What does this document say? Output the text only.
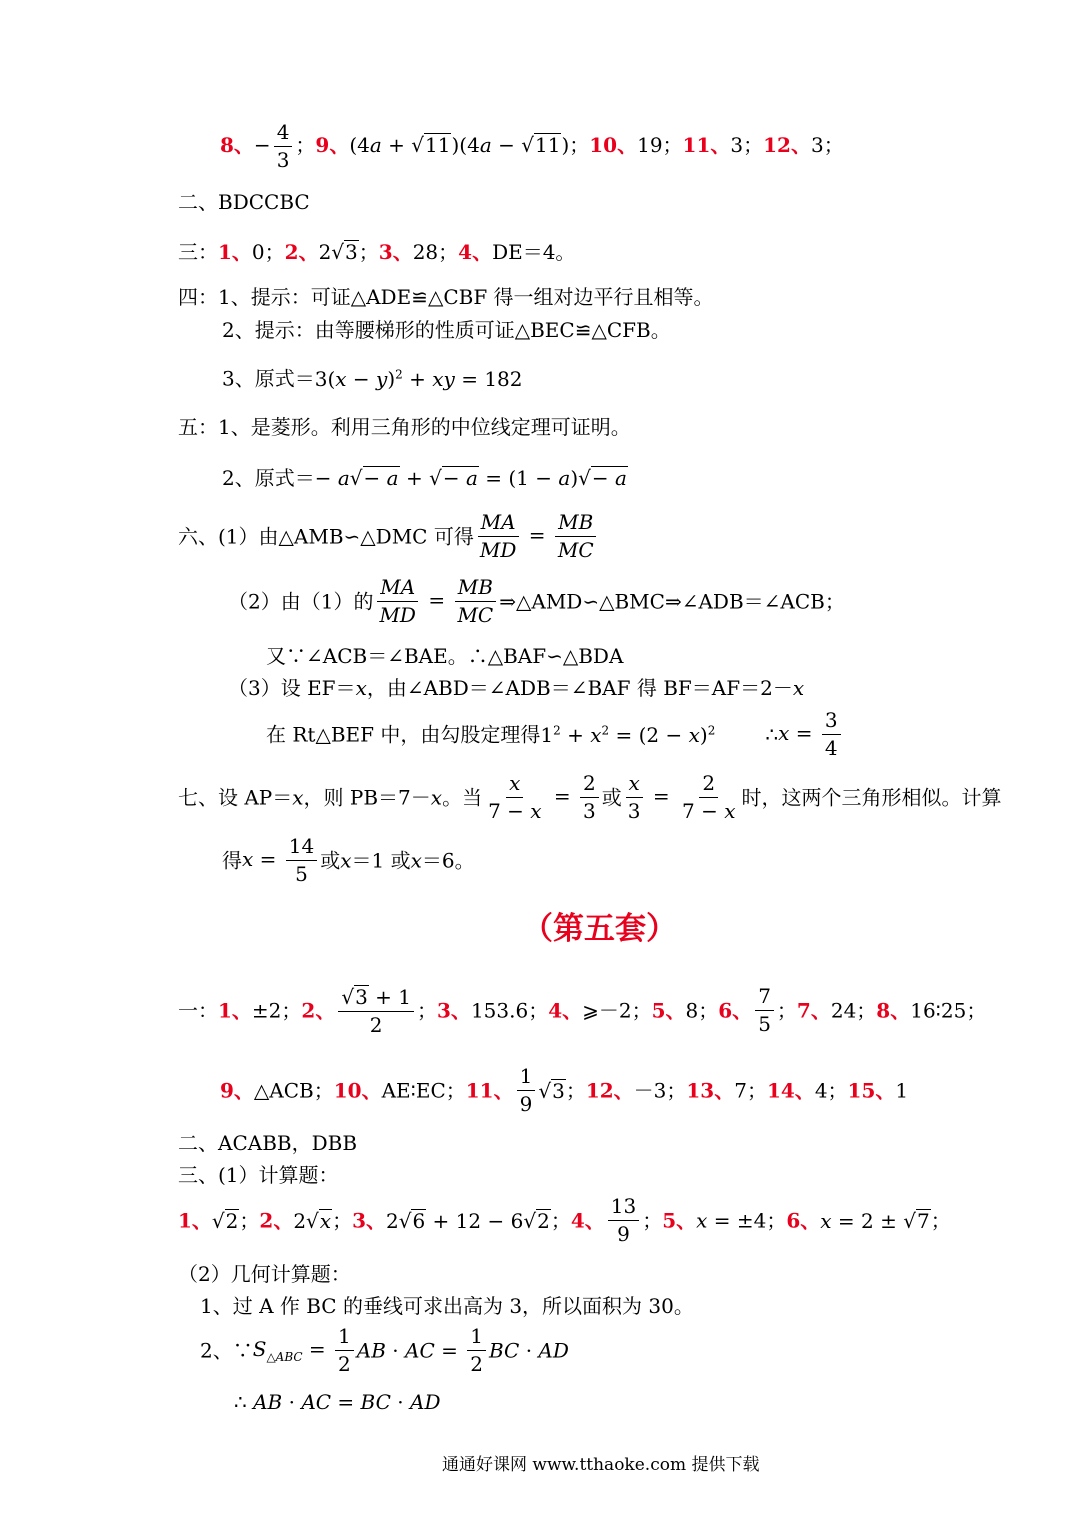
8、− $\frac{4}{3}$ ；9、(4a + √11)(4a − √11)；10、19；11、3；12、3；
二、BDCCBC
三：1、0；2、2√3；3、28；4、DE＝4。
四：1、提示：可证△ADE≌△CBF 得一组对边平行且相等。
2、提示：由等腰梯形的性质可证△BEC≌△CFB。
3、原式$=3(x - y)^2$ + xy = 182
五：1、是菱形。利用三角形的中位线定理可证明。
2、原式＝− a√− a + √− a = (1 − a)√− a
六、(1）由△AMB∽△DMC 可得 $\frac{MA}{MD} = \frac{MB}{MC}$
（2）由（1）的 $\frac{MA}{MD} = \frac{MB}{MC}$ ⇒△AMD∽△BMC⇒∠ADB＝∠ACB；
又∵∠ACB＝∠BAE。∴△BAF∽△BDA
（3）设 EF＝x，由∠ABD＝∠ADB＝∠BAF 得 BF＝AF＝2－x
在 Rt△BEF 中，由勾股定理得$1^2 + x^2 = (2 - x)^2$	∴x = $\frac{3}{4}$
七、设 AP＝x，则 PB＝7－x。当 $\frac{x}{7 - x} = \frac{2}{3}$ 或 $\frac{x}{3} = \frac{2}{7 - x}$ 时，这两个三角形相似。计算
得$x = \frac{14}{5}$ 或x＝1 或x＝6。
（第五套）
一：1、±2；2、 $\frac{√3 + 1}{2}$ ；3、153.6；4、⩾－2；5、8；6、 $\frac{7}{5}$ ；7、24；8、16∶25；
9、△ACB；10、AE∶EC；11、 $\frac{1}{9} √3$；12、－3；13、7；14、4；15、1
二、ACABB，DBB
三、(1）计算题：
1、√2；2、2√x；3、2√6 + 12 − 6√2；4、 $\frac{13}{9}$ ；5、x = ±4；6、x = 2 ± √7；
（2）几何计算题：
1、过 A 作 BC 的垂线可求出高为 3，所以面积为 30。
2、$\because S_{\triangle ABC} = \frac{1}{2}$ AB · AC = $\frac{1}{2}$ BC · AD
∴ AB · AC = BC · AD
通通好课网 www.tthaoke.com 提供下载
